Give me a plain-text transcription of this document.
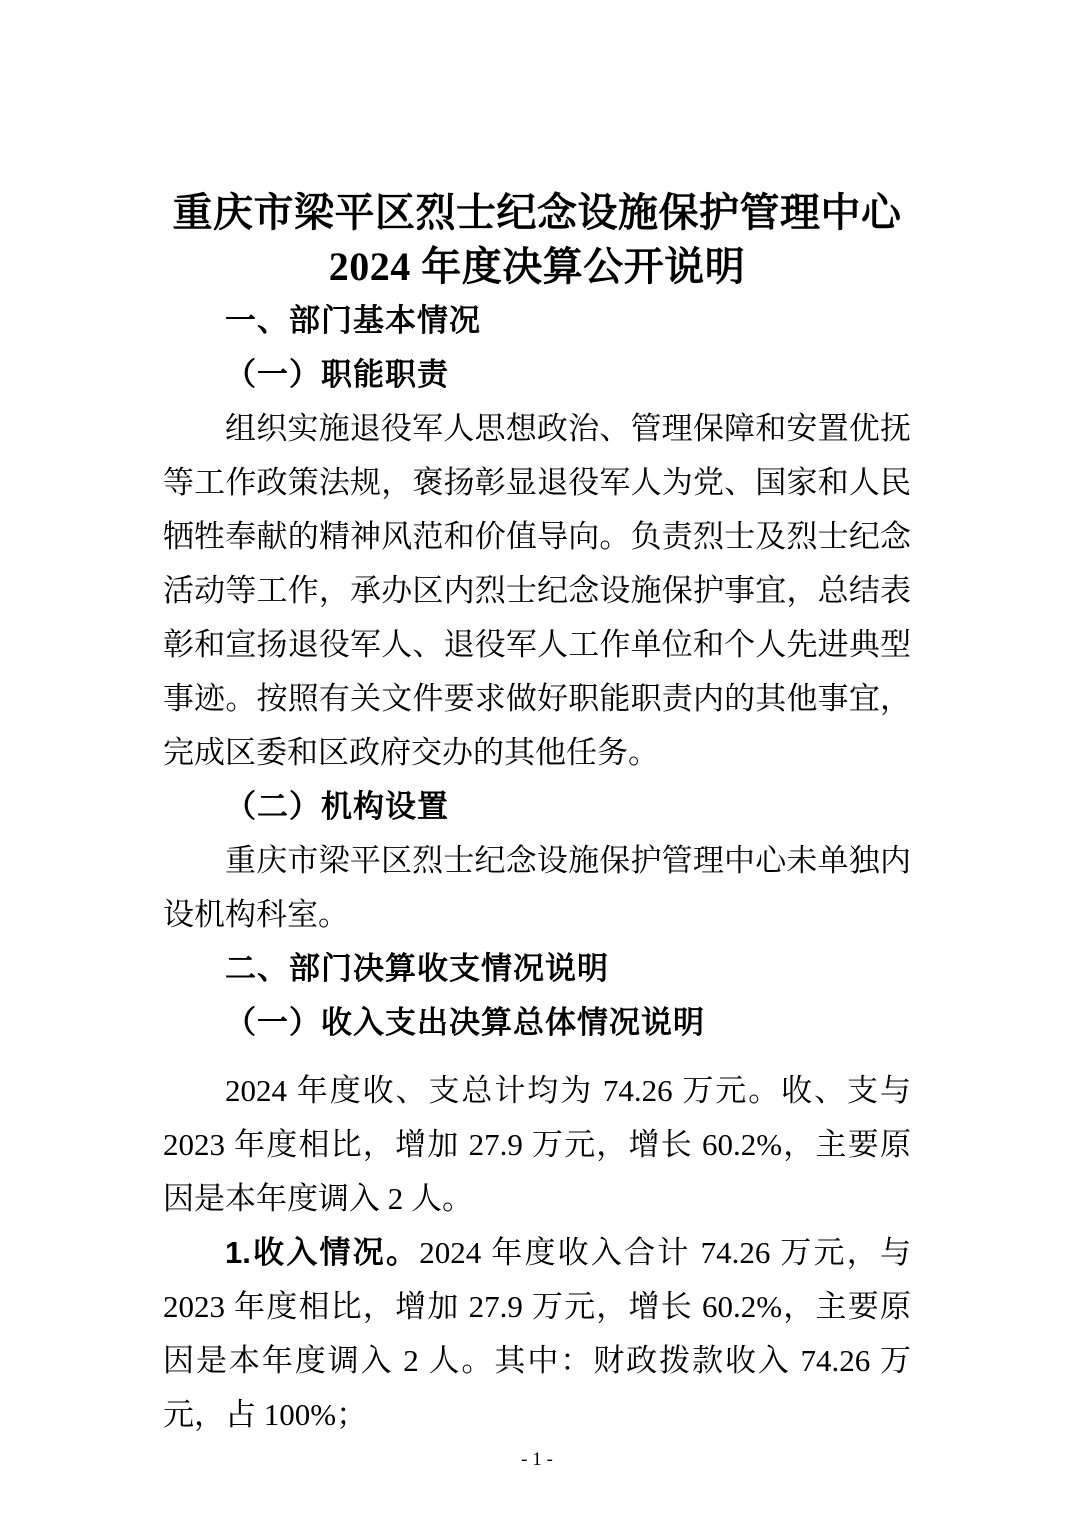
重庆市梁平区烈士纪念设施保护管理中心
2024 年度决算公开说明
一、部门基本情况
（一）职能职责

组织实施退役军人思想政治、管理保障和安置优抚等工作政策法规，褒扬彰显退役军人为党、国家和人民牺牲奉献的精神风范和价值导向。负责烈士及烈士纪念活动等工作，承办区内烈士纪念设施保护事宜，总结表彰和宣扬退役军人、退役军人工作单位和个人先进典型事迹。按照有关文件要求做好职能职责内的其他事宜，完成区委和区政府交办的其他任务。

（二）机构设置

重庆市梁平区烈士纪念设施保护管理中心未单独内设机构科室。

二、部门决算收支情况说明
（一）收入支出决算总体情况说明

2024 年度收、支总计均为 74.26 万元。收、支与 2023 年度相比，增加 27.9 万元，增长 60.2%，主要原因是本年度调入 2 人。

1.收入情况。2024 年度收入合计 74.26 万元，与 2023 年度相比，增加 27.9 万元，增长 60.2%，主要原因是本年度调入 2 人。其中：财政拨款收入 74.26 万元，占 100%；

- 1 -
